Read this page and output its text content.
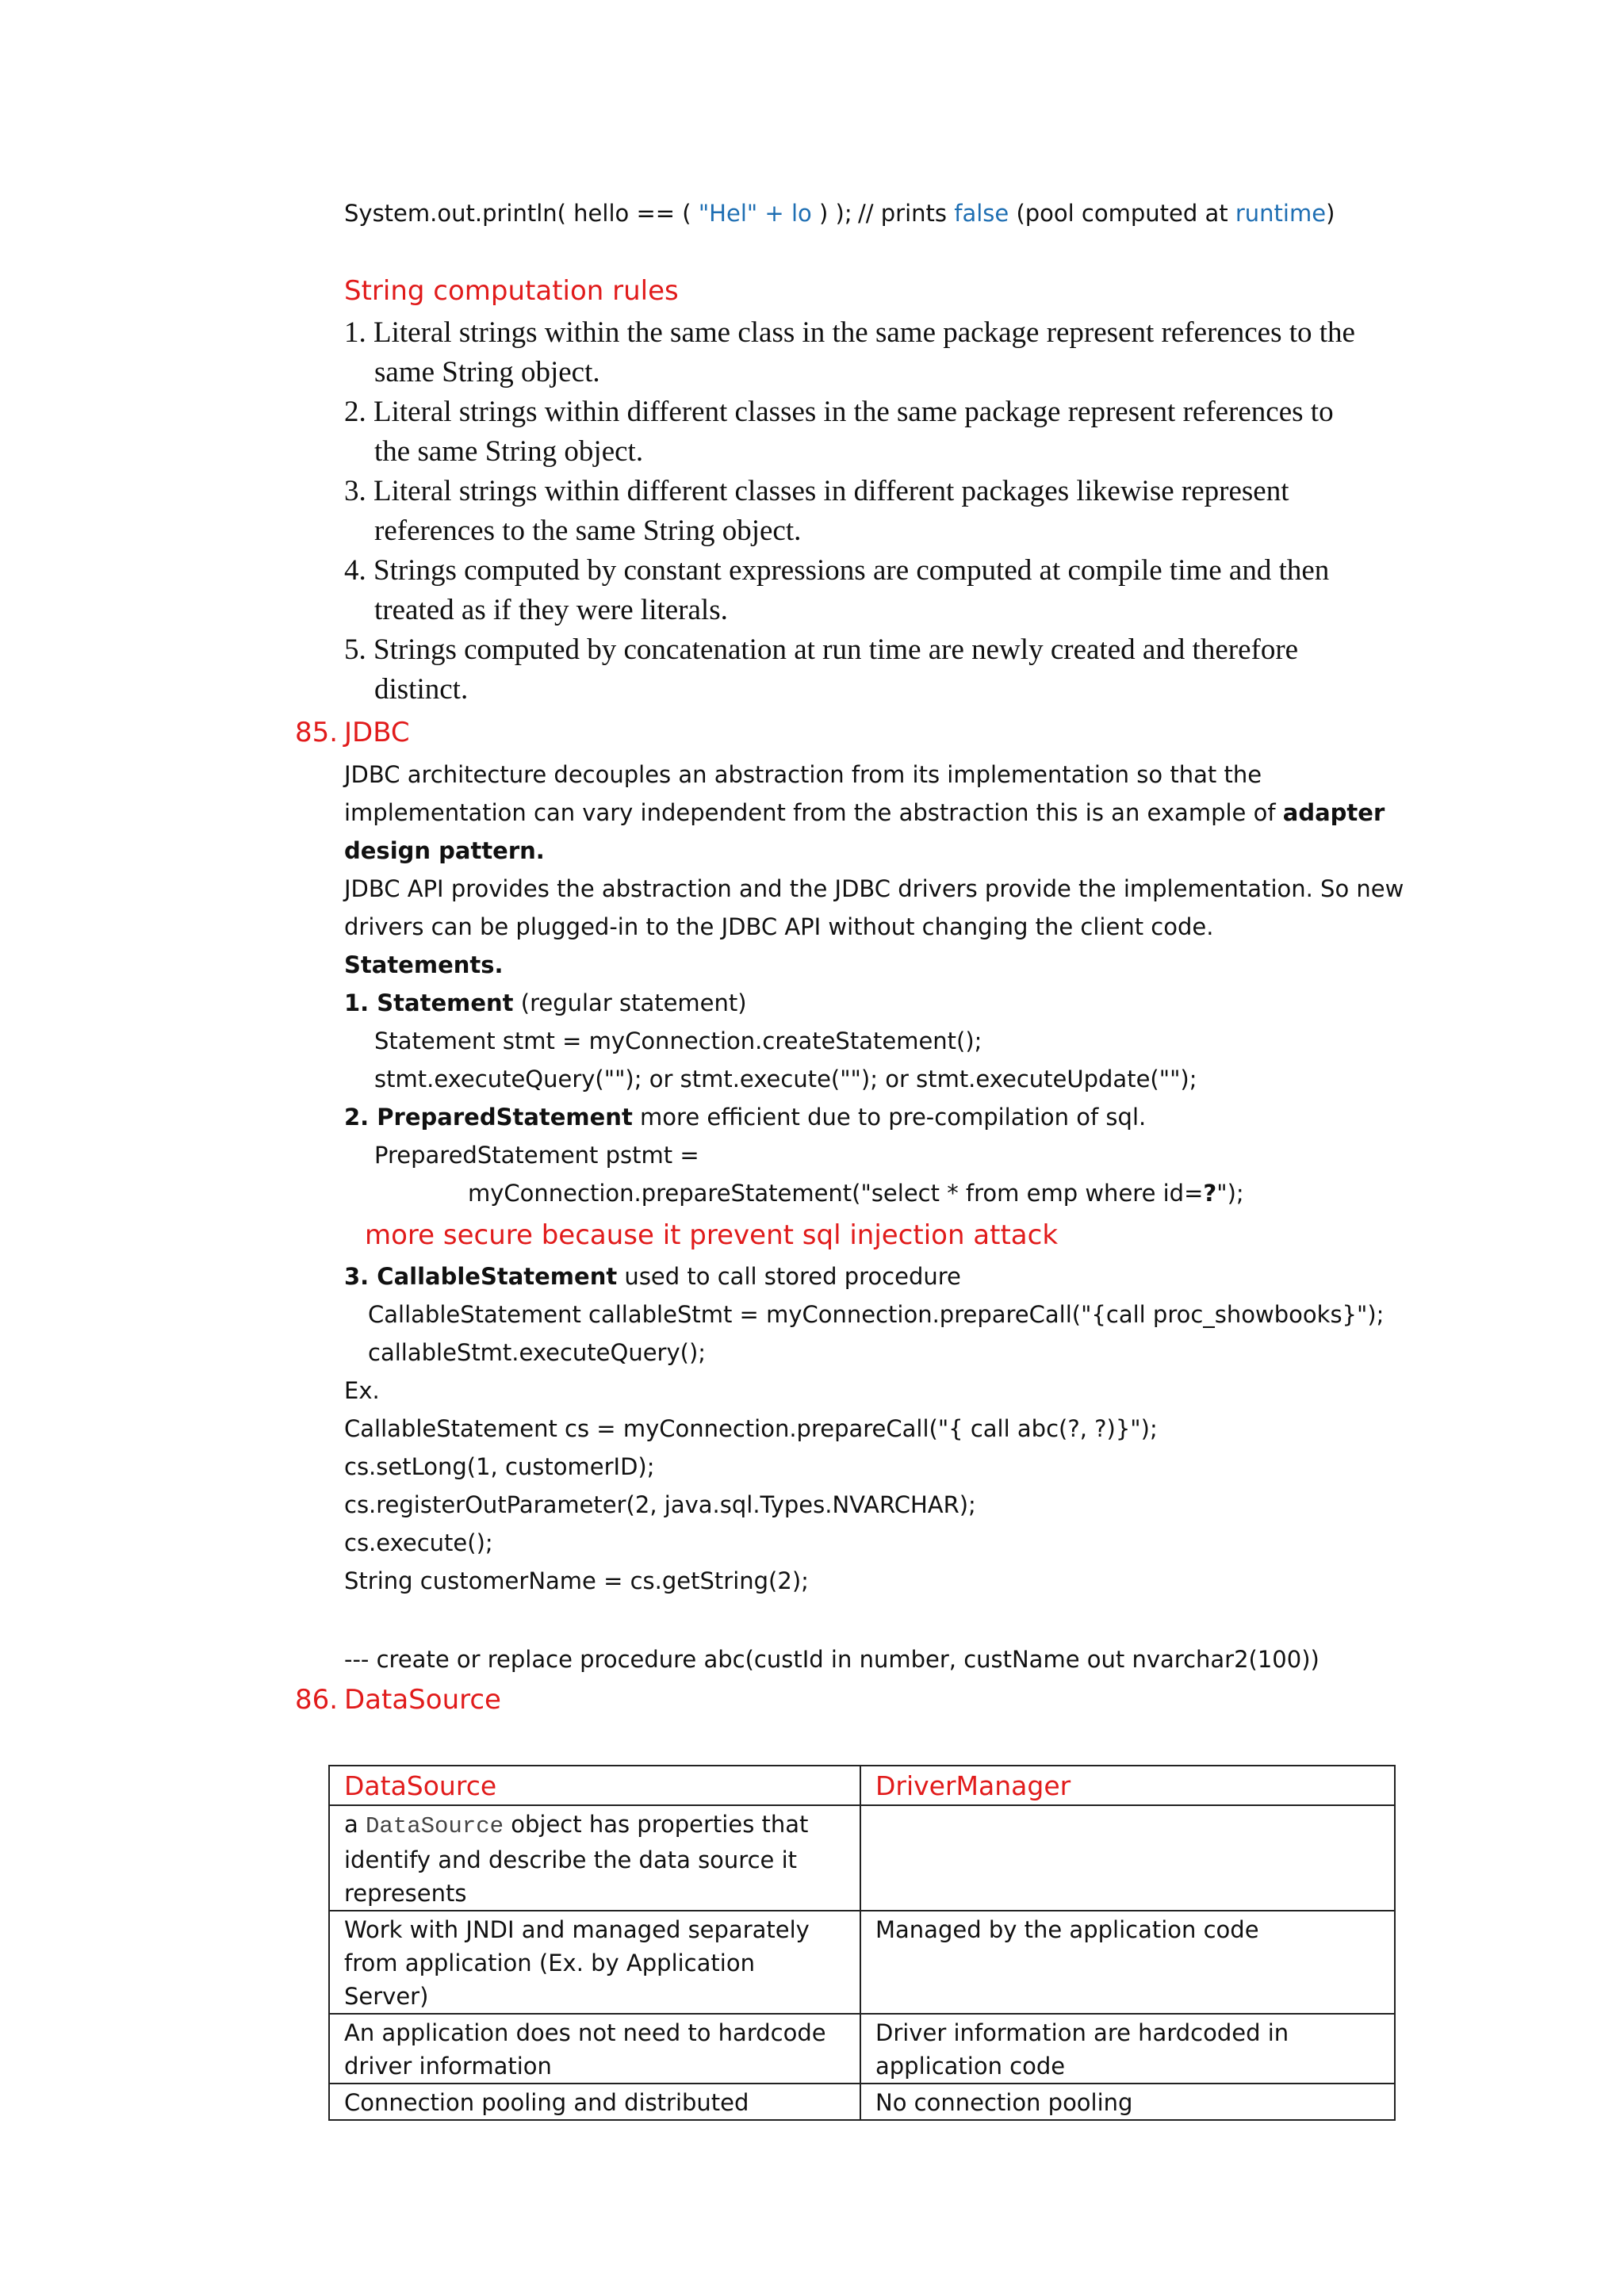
System.out.println( hello == ( "Hel" + lo ) ); // prints false (pool computed at runtime)
String computation rules
1. Literal strings within the same class in the same package represent references to the
same String object.
2. Literal strings within different classes in the same package represent references to
the same String object.
3. Literal strings within different classes in different packages likewise represent
references to the same String object.
4. Strings computed by constant expressions are computed at compile time and then
treated as if they were literals.
5. Strings computed by concatenation at run time are newly created and therefore
distinct.
85. JDBC
JDBC architecture decouples an abstraction from its implementation so that the
implementation can vary independent from the abstraction this is an example of adapter
design pattern.
JDBC API provides the abstraction and the JDBC drivers provide the implementation. So new
drivers can be plugged-in to the JDBC API without changing the client code.
Statements.
1. Statement (regular statement)
Statement stmt = myConnection.createStatement();
stmt.executeQuery(""); or stmt.execute(""); or stmt.executeUpdate("");
2. PreparedStatement more efficient due to pre-compilation of sql.
PreparedStatement pstmt =
myConnection.prepareStatement("select * from emp where id=?");
more secure because it prevent sql injection attack
3. CallableStatement used to call stored procedure
CallableStatement callableStmt = myConnection.prepareCall("{call proc_showbooks}");
callableStmt.executeQuery();
Ex.
CallableStatement cs = myConnection.prepareCall("{ call abc(?, ?)}");
cs.setLong(1, customerID);
cs.registerOutParameter(2, java.sql.Types.NVARCHAR);
cs.execute();
String customerName = cs.getString(2);
--- create or replace procedure abc(custId in number, custName out nvarchar2(100))
86. DataSource
DataSource	DriverManager
a DataSource object has properties that identify and describe the data source it represents	
Work with JNDI and managed separately from application (Ex. by Application Server)	Managed by the application code
An application does not need to hardcode driver information	Driver information are hardcoded in application code
Connection pooling and distributed	No connection pooling
